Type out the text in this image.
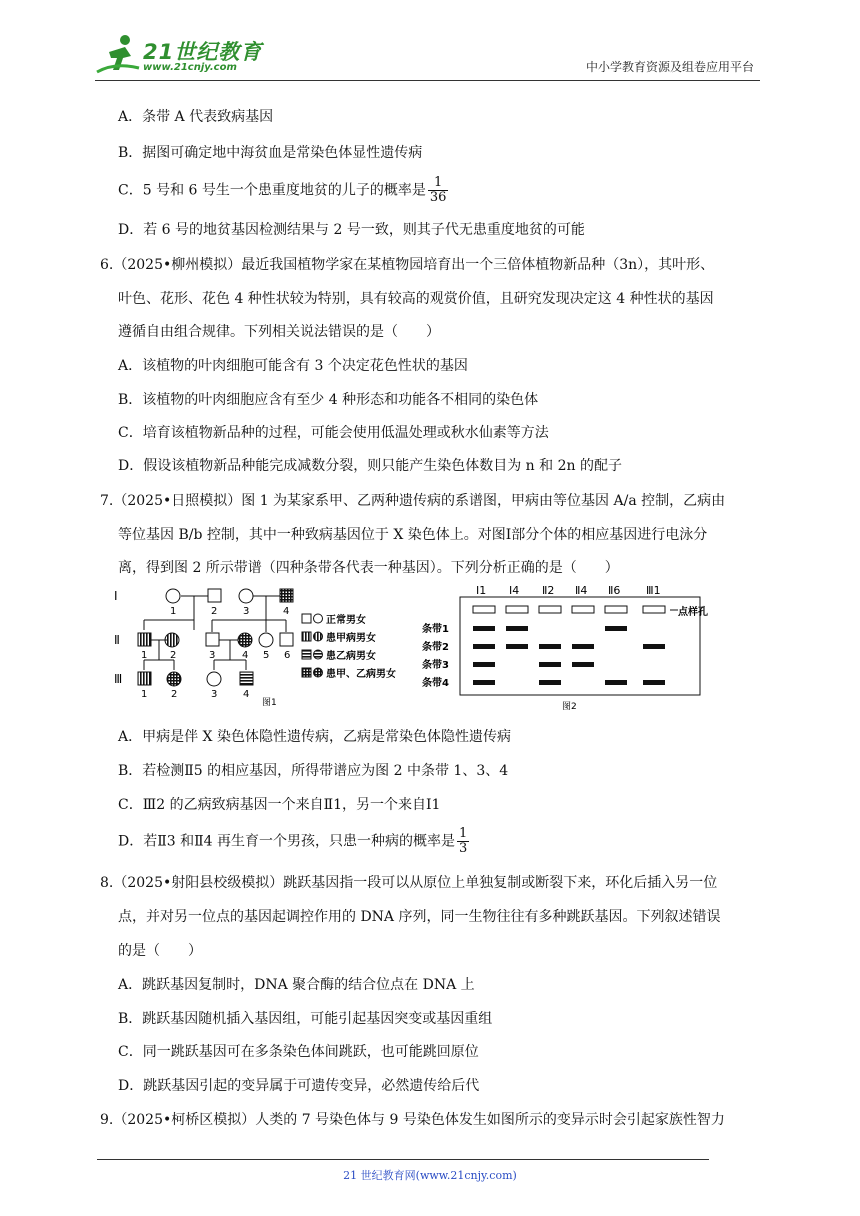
21世纪教育
www.21cnjy.com	中小学教育资源及组卷应用平台
A．条带 A 代表致病基因
B．据图可确定地中海贫血是常染色体显性遗传病
C．5 号和 6 号生一个患重度地贫的儿子的概率是 $\frac{1}{36}$
D．若 6 号的地贫基因检测结果与 2 号一致，则其子代无患重度地贫的可能
6.（2025•柳州模拟）最近我国植物学家在某植物园培育出一个三倍体植物新品种（3n），其叶形、
叶色、花形、花色 4 种性状较为特别，具有较高的观赏价值，且研究发现决定这 4 种性状的基因
遵循自由组合规律。下列相关说法错误的是（　　）
A．该植物的叶肉细胞可能含有 3 个决定花色性状的基因
B．该植物的叶肉细胞应含有至少 4 种形态和功能各不相同的染色体
C．培育该植物新品种的过程，可能会使用低温处理或秋水仙素等方法
D．假设该植物新品种能完成减数分裂，则只能产生染色体数目为 n 和 2n 的配子
7.（2025•日照模拟）图 1 为某家系甲、乙两种遗传病的系谱图，甲病由等位基因 A/a 控制，乙病由
等位基因 B/b 控制，其中一种致病基因位于 X 染色体上。对图Ⅰ部分个体的相应基因进行电泳分
离，得到图 2 所示带谱（四种条带各代表一种基因）。下列分析正确的是（　　）
Ⅰ
Ⅱ
Ⅲ
1	2	3	4
1 2	3	4 5 6
1 2	3	4
正常男女
患甲病男女
患乙病男女
患甲、乙病男女
图1	图2
点样孔
Ⅰ1 Ⅰ4 Ⅱ2 Ⅱ4 Ⅱ6 Ⅲ1
条带1
条带2
条带3
条带4
A．甲病是伴 X 染色体隐性遗传病，乙病是常染色体隐性遗传病
B．若检测Ⅱ5 的相应基因，所得带谱应为图 2 中条带 1、3、4
C．Ⅲ2 的乙病致病基因一个来自Ⅱ1，另一个来自Ⅰ1
D．若Ⅱ3 和Ⅱ4 再生育一个男孩，只患一种病的概率是 $\frac{1}{3}$
8.（2025•射阳县校级模拟）跳跃基因指一段可以从原位上单独复制或断裂下来，环化后插入另一位
点，并对另一位点的基因起调控作用的 DNA 序列，同一生物往往有多种跳跃基因。下列叙述错误
的是（　　）
A．跳跃基因复制时，DNA 聚合酶的结合位点在 DNA 上
B．跳跃基因随机插入基因组，可能引起基因突变或基因重组
C．同一跳跃基因可在多条染色体间跳跃，也可能跳回原位
D．跳跃基因引起的变异属于可遗传变异，必然遗传给后代
9.（2025•柯桥区模拟）人类的 7 号染色体与 9 号染色体发生如图所示的变异示时会引起家族性智力
21 世纪教育网(www.21cnjy.com)
